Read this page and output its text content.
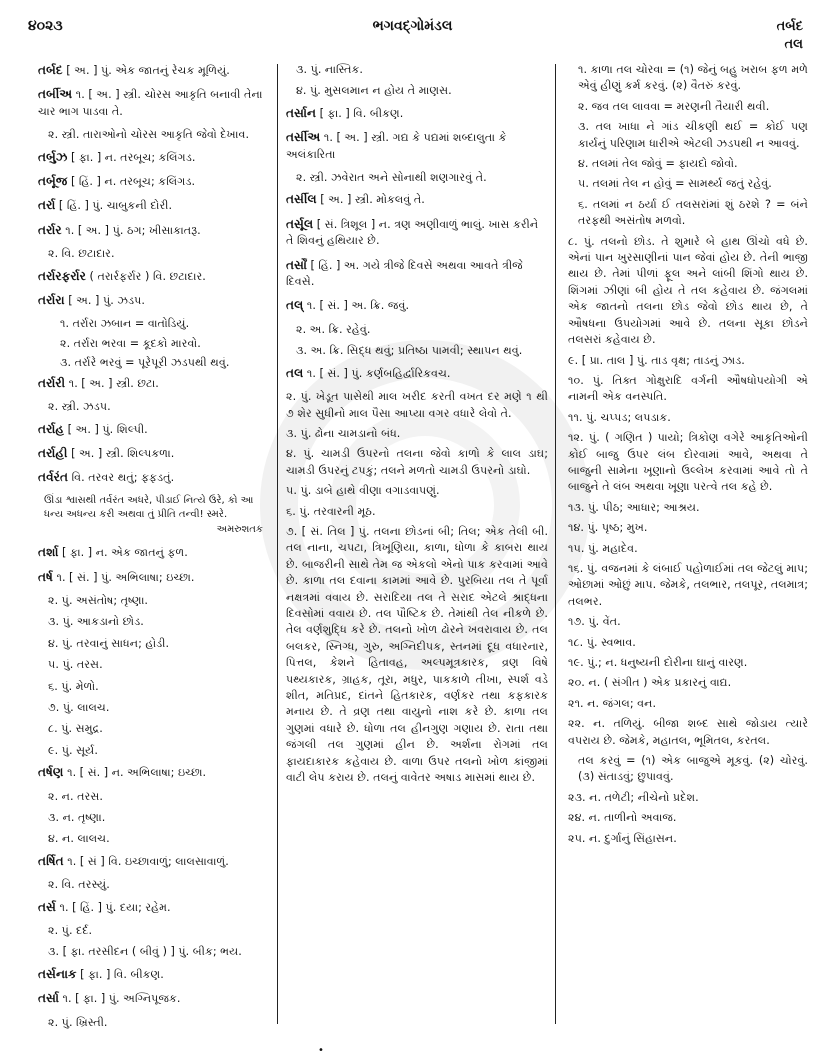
૪૦૨૩	ભગવદ્ગોમંડલ	તર્બદ
તલ
તર્બદ [ અ. ] પું. એક જાતનું રેચક મૂળિયું.
તર્બીઅ ૧. [ અ. ] સ્ત્રી. ચોરસ આકૃતિ બનાવી તેના ચાર ભાગ પાડવા તે.
૨. સ્ત્રી. તારાઓનો ચોરસ આકૃતિ જેવો દેખાવ.
તર્બુઝ [ ફા. ] ન. તરબૂચ; કલિંગડ.
તર્બૂજ [ હિં. ] ન. તરબૂચ; કલિંગડ.
તર્રા [ હિં. ] પું. ચાબુકની દોરી.
તર્રાર ૧. [ અ. ] પું. ઠગ; ખીસાકાતરૂ.
૨. વિ. છટાદાર.
તર્રારફર્રાર ( તરાર્રફર્રાર ) વિ. છટાદાર.
તર્રારા [ અ. ] પું. ઝડપ.
૧. તર્રારા ઝબાન = વાતોડિયું.
૨. તર્રારા ભરવા = કૂદકો મારવો.
૩. તર્રારે ભરવું = પૂરેપૂરી ઝડપથી થવું.
તર્રારી ૧. [ અ. ] સ્ત્રી. છટા.
૨. સ્ત્રી. ઝડપ.
તર્રાહ [ અ. ] પું. શિલ્પી.
તર્રાહી [ અ. ] સ્ત્રી. શિલ્પકળા.
તર્વરંત વિ. તરવર થતું; ફફડતું.
ઊંડા શ્વાસથી તર્વરંત અધરે, પીડાઈ નિત્યે ઉરે, કો આ ધન્ય અધન્ય કરી અથવા તું પ્રીતિ તન્વી! સ્મરે.
અમરુશતક
તર્શા [ ફા. ] ન. એક જાતનું ફળ.
તર્ષ ૧. [ સં. ] પું. અભિલાષા; ઇચ્છા.
૨. પું. અસંતોષ; તૃષ્ણા.
૩. પું. આકડાનો છોડ.
૪. પું. તરવાનું સાધન; હોડી.
૫. પું. તરસ.
૬. પું. મેળો.
૭. પું. લાલચ.
૮. પું. સમુદ્ર.
૯. પું. સૂર્ય.
તર્ષણ ૧. [ સં. ] ન. અભિલાષા; ઇચ્છા.
૨. ન. તરસ.
૩. ન. તૃષ્ણા.
૪. ન. લાલચ.
તર્ષિત ૧. [ સં ] વિ. ઇચ્છાવાળું; લાલસાવાળું.
૨. વિ. તરસ્યું.
તર્સ ૧. [ હિં. ] પું. દયા; રહેમ.
૨. પું. દર્દ.
૩. [ ફા. તરસીદન ( બીવું ) ] પું. બીક; ભય.
તર્સનાક [ ફા. ] વિ. બીકણ.
તર્સા ૧. [ ફા. ] પું. અગ્નિપૂજક.
૨. પું. ખ્રિસ્તી.
૩. પું. નાસ્તિક.
૪. પું. મુસલમાન ન હોય તે માણસ.
તર્સાન [ ફા. ] વિ. બીકણ.
તર્સીઅ ૧. [ અ. ] સ્ત્રી. ગદ્ય કે પદ્યમાં શબ્દાલુતા કે અલંકારિતા
૨. સ્ત્રી. ઝવેરાત અને સોનાથી શણગારવું તે.
તર્સીલ [ અ. ] સ્ત્રી. મોકલવું તે.
તર્સૂલ [ સં. ત્રિશૂલ ] ન. ત્રણ અણીવાળું ભાલું. ખાસ કરીને તે શિવનું હથિયાર છે.
તર્સોં [ હિં. ] અ. ગયે ત્રીજે દિવસે અથવા આવતે ત્રીજે દિવસે.
તલ્ ૧. [ સં. ] અ. ક્રિ. જવું.
૨. અ. ક્રિ. રહેવું.
૩. અ. ક્રિ. સિદ્ધ થવું; પ્રતિષ્ઠા પામવી; સ્થાપન થવું.
તલ ૧. [ સં. ] પું. કર્ણબહિર્દ્વારિકવચ.
૨. પું. ખેડૂત પાસેથી માલ ખરીદ કરતી વખત દર મણે ૧ થી ૭ શેર સુધીનો માલ પૈસા આપ્યા વગર વધારે લેવો તે.
૩. પું. ઢોના ચામડાનો બંધ.
૪. પું. ચામડી ઉપરનો તલના જેવો કાળો કે લાલ ડાઘ; ચામડી ઉપરનું ટપકું; તલને મળતો ચામડી ઉપરનો ડાઘો.
૫. પું. ડાબે હાથે વીણા વગાડવાપણું.
૬. પું. તરવારની મૂઠ.
૭. [ સં. તિલ ] પું. તલના છોડનાં બી; તિલ; એક તેલી બી. તલ નાના, ચપટા, ત્રિખૂણિયા, કાળા, ધોળા કે કાબરા થાય છે. બાજરીની સાથે તેમ જ એકલો એનો પાક કરવામાં આવે છે. કાળા તલ દવાના કામમાં આવે છે. પુરબિયા તલ તે પૂર્વા નક્ષત્રમાં વવાય છે. સરાદિયા તલ તે સરાદ એટલે શ્રાદ્ધના દિવસોમાં વવાય છે. તલ પૌષ્ટિક છે. તેમાંથી તેલ નીકળે છે. તેલ વર્ણશુદ્ધિ કરે છે. તલનો ખોળ ઢોરને ખવરાવાય છે. તલ બલકર, સ્નિગ્ધ, ગુરુ, અગ્નિદીપક, સ્તનમાં દૂધ વધારનાર, પિત્તલ, કેશને હિતાવહ, અલ્પમૂત્રકારક, વ્રણ વિષે પથ્યકારક, ગ્રાહક, તૂરા, મધુર, પાકકાળે તીખા, સ્પર્શ વડે શીત, મતિપ્રદ, દાંતને હિતકારક, વર્ણકર તથા કફકારક મનાય છે. તે વ્રણ તથા વાયુનો નાશ કરે છે. કાળા તલ ગુણમાં વધારે છે. ધોળા તલ હીનગુણ ગણાય છે. રાતા તથા જંગલી તલ ગુણમાં હીન છે. અર્શના રોગમાં તલ ફાયદાકારક કહેવાય છે. વાળા ઉપર તલનો ખોળ કાંજીમાં વાટી લેપ કરાય છે. તલનું વાવેતર અષાડ માસમાં થાય છે.
૧. કાળા તલ ચોરવા = (૧) જેનું બહુ ખરાબ ફળ મળે એવું હીણું કર્મ કરવું. (૨) વૈતરું કરવું.
૨. જવ તલ લાવવા = મરણની તૈયારી થવી.
૩. તલ ખાધા ને ગાંડ ચીકણી થઈ = કોઈ પણ કાર્યનું પરિણામ ધારીએ એટલી ઝડપથી ન આવવું.
૪. તલમાં તેલ જોવું = ફાયદો જોવો.
૫. તલમાં તેલ ન હોવું = સામર્થ્ય જતું રહેવું.
૬. તલમાં ન ઠર્યા ઈ તલસરાંમાં શું ઠરશે ? = બંને તરફથી અસંતોષ મળવો.
૮. પું. તલનો છોડ. તે શુમારે બે હાથ ઊંચો વધે છે. એનાં પાન ખુરસાણીનાં પાન જેવાં હોય છે. તેની ભાજી થાય છે. તેમાં પીળાં ફૂલ અને લાંબી શિંગો થાય છે. શિંગમાં ઝીણાં બી હોય તે તલ કહેવાય છે. જંગલમાં એક જાતનો તલના છોડ જેવો છોડ થાય છે, તે ઔષધના ઉપયોગમાં આવે છે. તલના સૂકા છોડને તલસરાં કહેવાય છે.
૯. [ પ્રા. તાલ ] પું. તાડ વૃક્ષ; તાડનું ઝાડ.
૧૦. પું. તિક્ત ગોક્ષુરાદિ વર્ગની ઔષધોપયોગી એ નામની એક વનસ્પતિ.
૧૧. પું. ચપ્પડ; લપડાક.
૧૨. પું. ( ગણિત ) પાયો; ત્રિકોણ વગેરે આકૃતિઓની કોઈ બાજુ ઉપર લંબ દોરવામાં આવે, અથવા તે બાજુની સામેના ખૂણાનો ઉલ્લેખ કરવામાં આવે તો તે બાજુને તે લંબ અથવા ખૂણા પરત્વે તલ કહે છે.
૧૩. પું. પીઠ; આધાર; આશ્રય.
૧૪. પું. પૃષ્ઠ; મુખ.
૧૫. પું. મહાદેવ.
૧૬. પું. વજનમાં કે લંબાઈ પહોળાઈમાં તલ જેટલું માપ; ઓછામાં ઓછું માપ. જેમકે, તલભાર, તલપૂર, તલમાત્ર; તલભર.
૧૭. પું. વેંત.
૧૮. પું. સ્વભાવ.
૧૯. પું.; ન. ધનુષ્યની દોરીના ઘાનું વારણ.
૨૦. ન. ( સંગીત ) એક પ્રકારનું વાદ્ય.
૨૧. ન. જંગલ; વન.
૨૨. ન. તળિયું. બીજા શબ્દ સાથે જોડાય ત્યારે વપરાય છે. જેમકે, મહાતલ, ભૂમિતલ, કરતલ.
તલ કરવું = (૧) એક બાજુએ મૂકવું. (૨) ચોરવું. (૩) સંતાડવું; છુપાવવું.
૨૩. ન. તળેટી; નીચેનો પ્રદેશ.
૨૪. ન. તાળીનો અવાજ.
૨૫. ન. દુર્ગાનું સિંહાસન.
•
